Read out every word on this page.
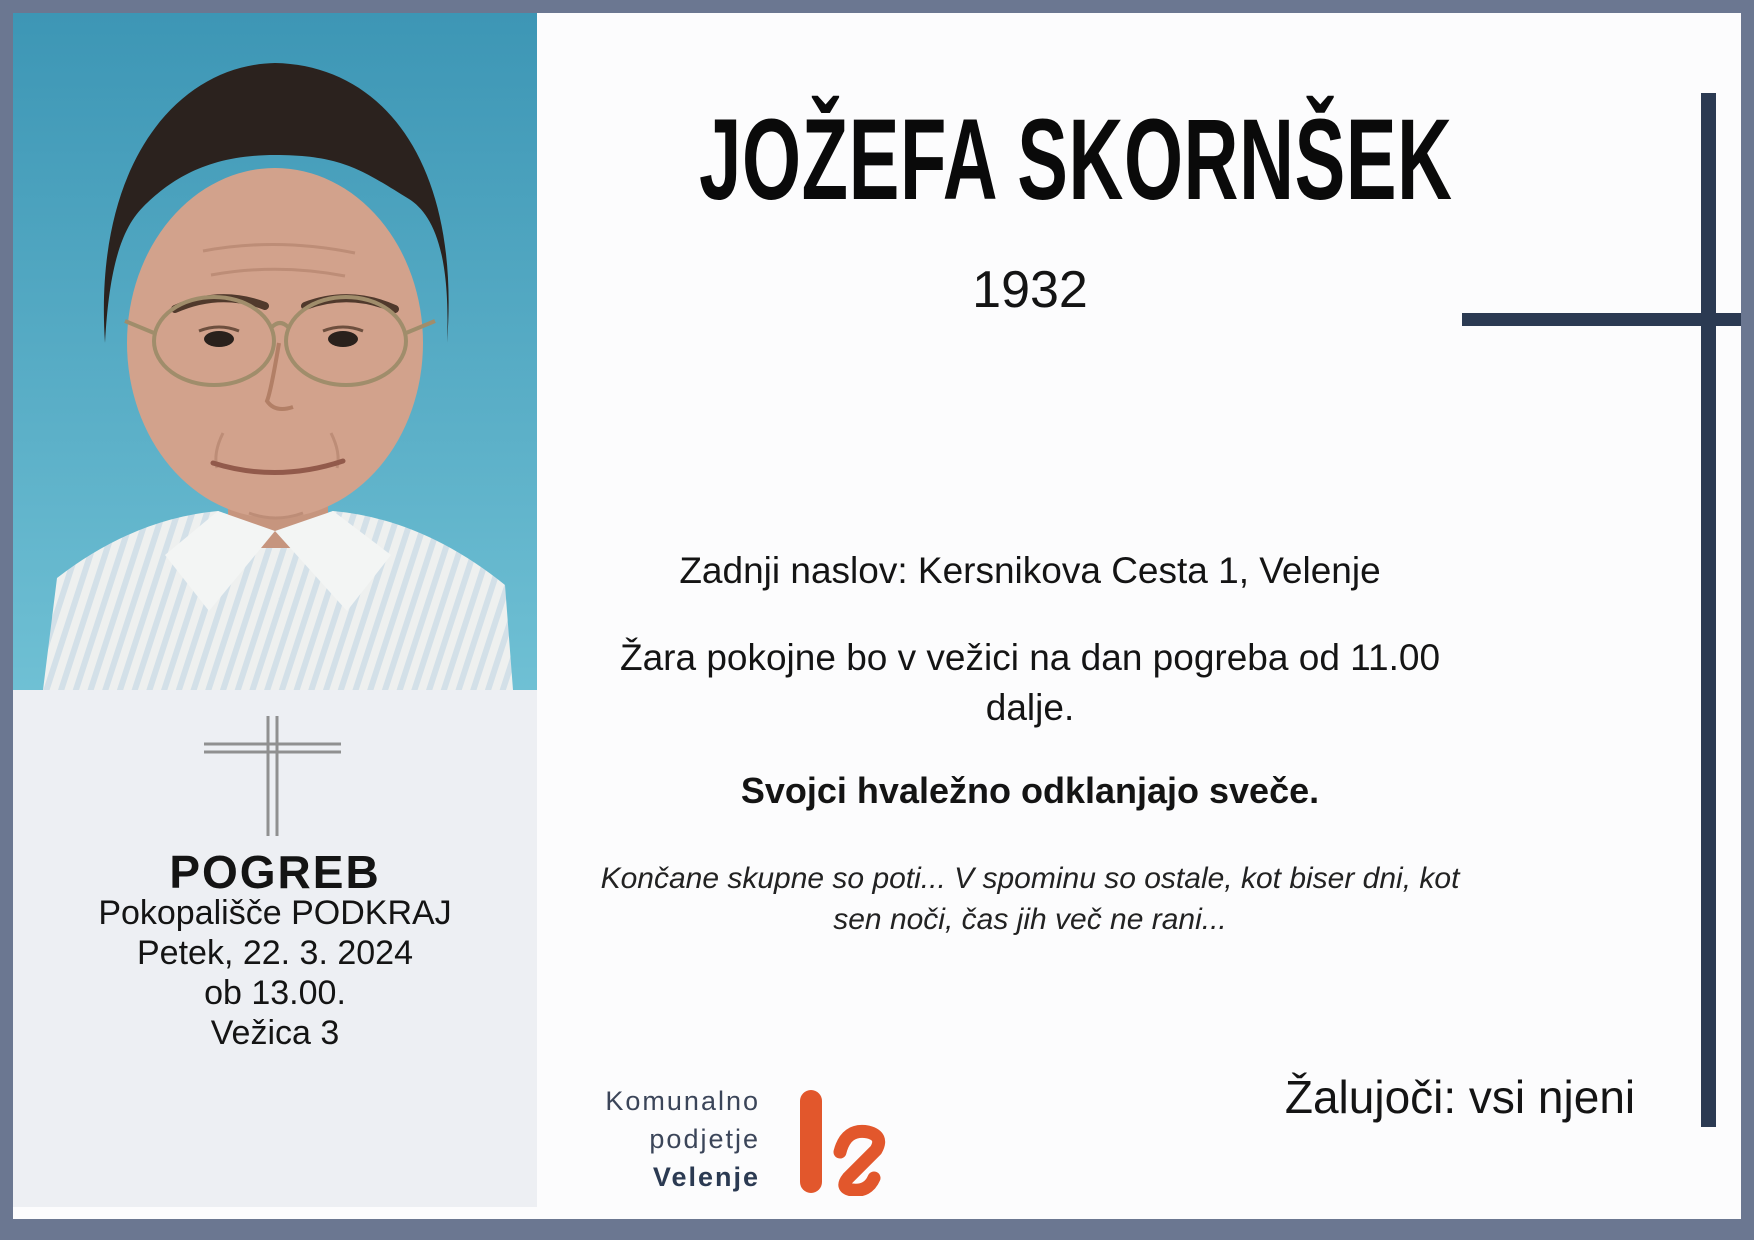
JOŽEFA SKORNŠEK
1932
Zadnji naslov: Kersnikova Cesta 1, Velenje
Žara pokojne bo v vežici na dan pogreba od 11.00
dalje.
Svojci hvaležno odklanjajo sveče.
Končane skupne so poti... V spominu so ostale, kot biser dni, kot
sen noči, čas jih več ne rani...
Žalujoči: vsi njeni
POGREB
Pokopališče PODKRAJ
Petek, 22. 3. 2024
ob 13.00.
Vežica 3
Komunalno
podjetje
Velenje
